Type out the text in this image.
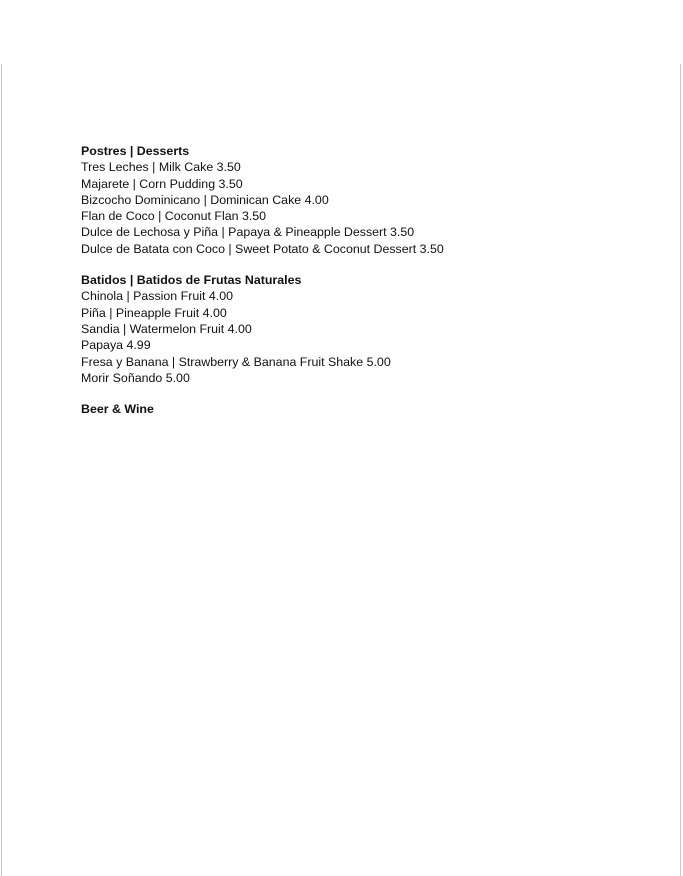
Postres | Desserts
Tres Leches | Milk Cake 3.50
Majarete | Corn Pudding 3.50
Bizcocho Dominicano | Dominican Cake 4.00
Flan de Coco | Coconut Flan 3.50
Dulce de Lechosa y Piña | Papaya & Pineapple Dessert 3.50
Dulce de Batata con Coco | Sweet Potato & Coconut Dessert 3.50
Batidos | Batidos de Frutas Naturales
Chinola | Passion Fruit 4.00
Piña | Pineapple Fruit 4.00
Sandia | Watermelon Fruit 4.00
Papaya 4.99
Fresa y Banana | Strawberry & Banana Fruit Shake 5.00
Morir Soñando 5.00
Beer & Wine
